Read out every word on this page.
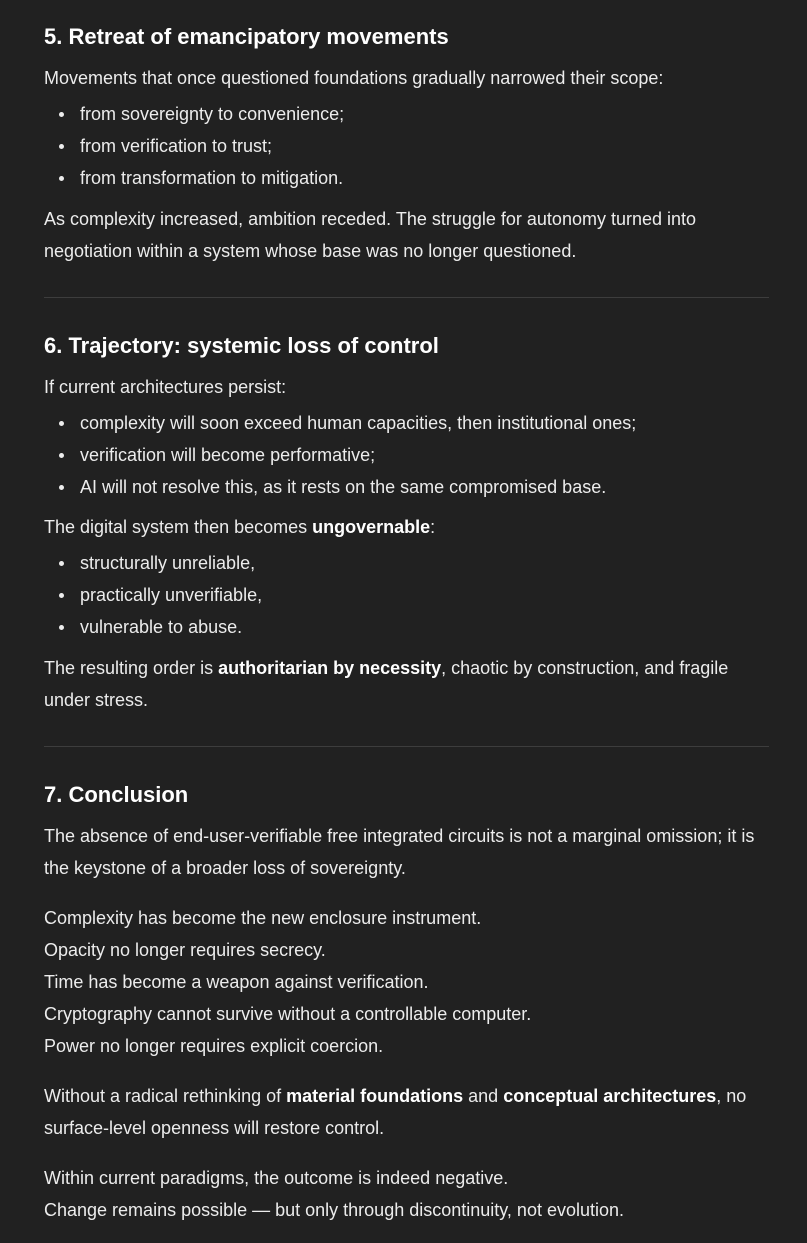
5. Retreat of emancipatory movements

Movements that once questioned foundations gradually narrowed their scope:

from sovereignty to convenience;
from verification to trust;
from transformation to mitigation.

As complexity increased, ambition receded. The struggle for autonomy turned into negotiation within a system whose base was no longer questioned.

6. Trajectory: systemic loss of control

If current architectures persist:

complexity will soon exceed human capacities, then institutional ones;
verification will become performative;
AI will not resolve this, as it rests on the same compromised base.

The digital system then becomes ungovernable:

structurally unreliable,
practically unverifiable,
vulnerable to abuse.

The resulting order is authoritarian by necessity, chaotic by construction, and fragile under stress.

7. Conclusion

The absence of end-user-verifiable free integrated circuits is not a marginal omission; it is the keystone of a broader loss of sovereignty.

Complexity has become the new enclosure instrument.

Opacity no longer requires secrecy.

Time has become a weapon against verification.

Cryptography cannot survive without a controllable computer.

Power no longer requires explicit coercion.

Without a radical rethinking of material foundations and conceptual architectures, no surface-level openness will restore control.

Within current paradigms, the outcome is indeed negative.

Change remains possible — but only through discontinuity, not evolution.
